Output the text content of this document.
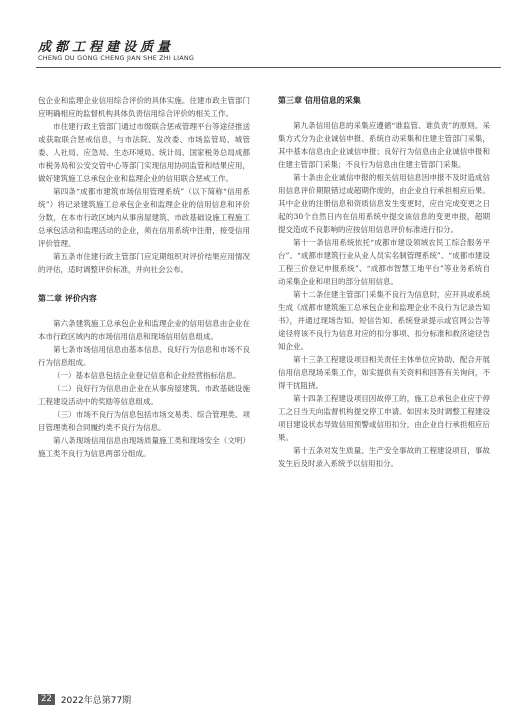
成都工程建设质量
CHENG DU GONG CHENG JIAN SHE ZHI LIANG

包企业和监理企业信用综合评价的具体实施。住建市政主管部门应明确相应的监督机构具体负责信用综合评价的相关工作。

市住建行政主管部门通过市级联合惩戒管理平台等途径推送或获取联合惩戒信息，与市法院、发改委、市场监管局、城管委、人社局、应急局、生态环境局、统计局、国家税务总局成都市税务局和公安交管中心等部门实现信用协同监管和结果应用，做好建筑施工总承包企业和监理企业的信用联合惩戒工作。

第四条“成都市建筑市场信用管理系统”（以下简称“信用系统”）将记录建筑施工总承包企业和监理企业的信用信息和评价分数，在本市行政区域内从事房屋建筑、市政基础设施工程施工总承包活动和监理活动的企业，须在信用系统中注册，接受信用评价管理。

第五条市住建行政主管部门应定期组织对评价结果应用情况的评估，适时调整评价标准，并向社会公布。

第二章 评价内容

第六条建筑施工总承包企业和监理企业的信用信息由企业在本市行政区域内的市场信用信息和现场信用信息组成。

第七条市场信用信息由基本信息、良好行为信息和市场不良行为信息组成。

（一）基本信息包括企业登记信息和企业经营指标信息。

（二）良好行为信息由企业在从事房屋建筑、市政基础设施工程建设活动中的奖励等信息组成。

（三）市场不良行为信息包括市场交易类、综合管理类、项目管理类和合同履约类不良行为信息。

第八条现场信用信息由现场质量施工类和现场安全（文明）施工类不良行为信息两部分组成。

第三章 信用信息的采集

第九条信用信息的采集应遵循“谁监管、谁负责”的原则。采集方式分为企业诚信申报、系统自动采集和住建主管部门采集，其中基本信息由企业诚信申报；良好行为信息由企业诚信申报和住建主管部门采集；不良行为信息由住建主管部门采集。

第十条由企业诚信申报的相关信用信息因申报不及时造成信用信息评价期限错过或超期作废的，由企业自行承担相应后果。其中企业的注册信息和资质信息发生变更时，应自完成变更之日起的30个自然日内在信用系统中提交该信息的变更申报，超期提交造成不良影响的应按信用信息评价标准进行扣分。

第十一条信用系统依托“成都市建设领域农民工综合服务平台”、“成都市建筑行业从业人员实名制管理系统”、“成都市建设工程三价登记申报系统”、“成都市智慧工地平台”等业务系统自动采集企业和项目的部分信用信息。

第十二条住建主管部门采集不良行为信息时，应开具或系统生成《成都市建筑施工总承包企业和监理企业不良行为记录告知书》，并通过现场告知、短信告知、系统登录提示或官网公告等途径将该不良行为信息对应的扣分事项、扣分标准和救济途径告知企业。

第十三条工程建设项目相关责任主体单位应协助、配合开展信用信息现场采集工作，如实提供有关资料和回答有关询问，不得干扰阻挠。

第十四条工程建设项目因故停工的，施工总承包企业应于停工之日当天向监督机构提交停工申请。如因未及时调整工程建设项目建设状态导致信用预警或信用扣分，由企业自行承担相应后果。

第十五条对发生质量、生产安全事故的工程建设项目，事故发生后及时录入系统予以信用扣分。

22	2022年总第77期
